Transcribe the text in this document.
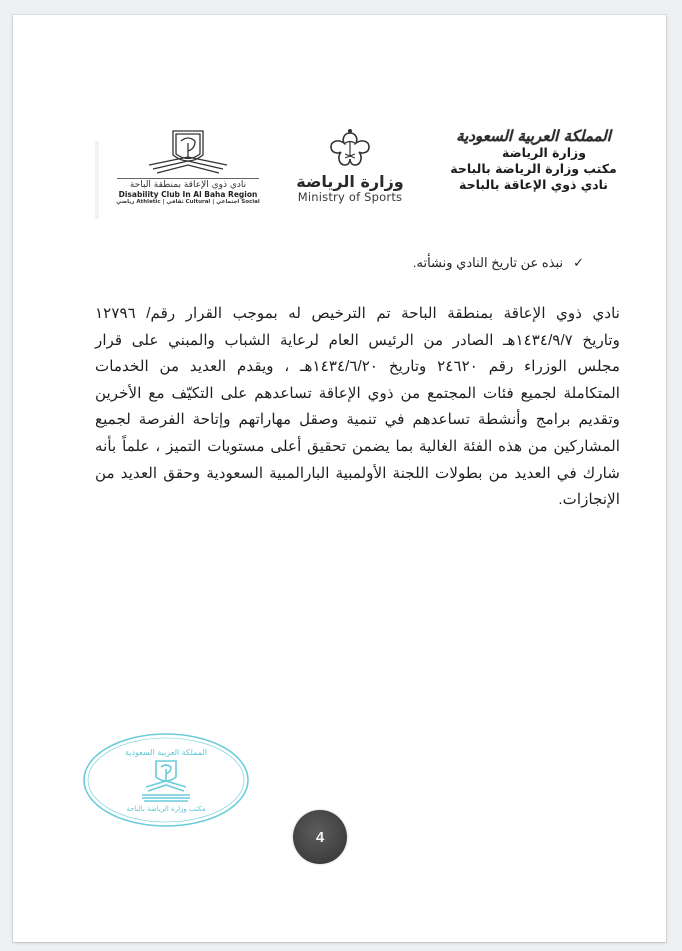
المملكة العربية السعودية
وزارة الرياضة
مكتب وزارة الرياضة بالباحة
نادي ذوي الإعاقة بالباحة
وزارة الرياضة
Ministry of Sports
نادي ذوي الإعاقة بمنطقة الباحة
Disability Club In Al Baha Region
رياضي Athletic | ثقافي Cultural | اجتماعي Social
✓
نبذه عن تاريخ النادي ونشأته.
نادي ذوي الإعاقة بمنطقة الباحة تم الترخيص له بموجب القرار رقم/ ١٢٧٩٦
وتاريخ ١٤٣٤/٩/٧هـ الصادر من الرئيس العام لرعاية الشباب والمبني على قرار
مجلس الوزراء رقم ٢٤٦٢٠ وتاريخ ١٤٣٤/٦/٢٠هـ ، ويقدم العديد من الخدمات
المتكاملة لجميع فئات المجتمع من ذوي الإعاقة تساعدهم على التكيّف مع الأخرين
وتقديم برامج وأنشطة تساعدهم في تنمية وصقل مهاراتهم وإتاحة الفرصة لجميع
المشاركين من هذه الفئة الغالية بما يضمن تحقيق أعلى مستويات التميز ، علماً بأنه
شارك في العديد من بطولات اللجنة الأولمبية البارالمبية السعودية وحقق العديد من
الإنجازات.
المملكة العربية السعودية
مكتب وزارة الرياضة بالباحة
4
